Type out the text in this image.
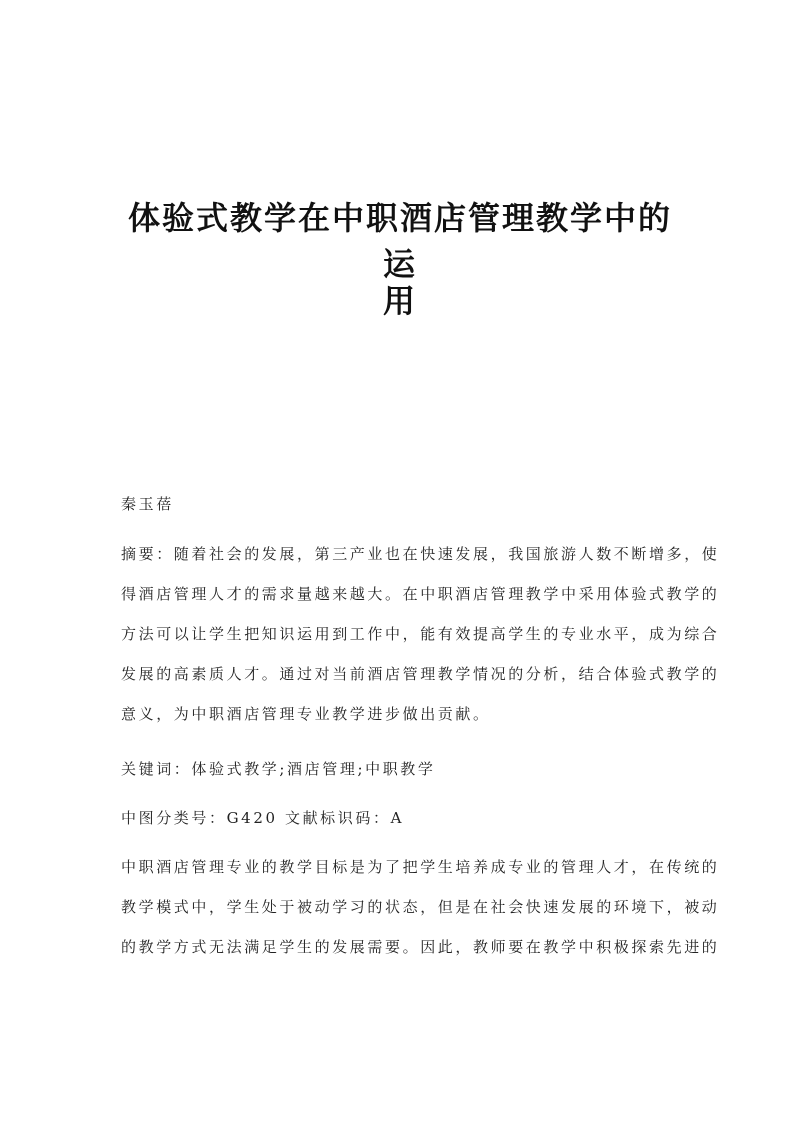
体验式教学在中职酒店管理教学中的运
用

秦玉蓓

摘要：随着社会的发展，第三产业也在快速发展，我国旅游人数不断增多，使

得酒店管理人才的需求量越来越大。在中职酒店管理教学中采用体验式教学的

方法可以让学生把知识运用到工作中，能有效提高学生的专业水平，成为综合

发展的高素质人才。通过对当前酒店管理教学情况的分析，结合体验式教学的

意义，为中职酒店管理专业教学进步做出贡献。

关键词：体验式教学;酒店管理;中职教学

中图分类号：G420 文献标识码：A

中职酒店管理专业的教学目标是为了把学生培养成专业的管理人才，在传统的

教学模式中，学生处于被动学习的状态，但是在社会快速发展的环境下，被动

的教学方式无法满足学生的发展需要。因此，教师要在教学中积极探索先进的
